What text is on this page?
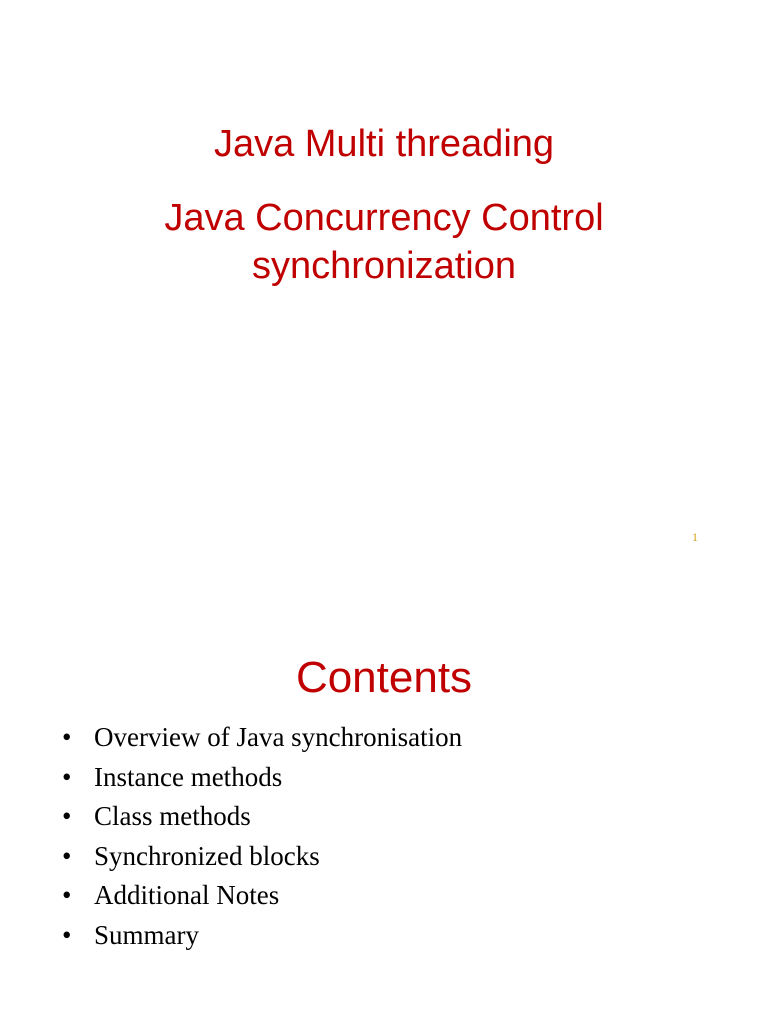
Java Multi threading
Java Concurrency Control
synchronization
1
Contents
• Overview of Java synchronisation
• Instance methods
• Class methods
• Synchronized blocks
• Additional Notes
• Summary
